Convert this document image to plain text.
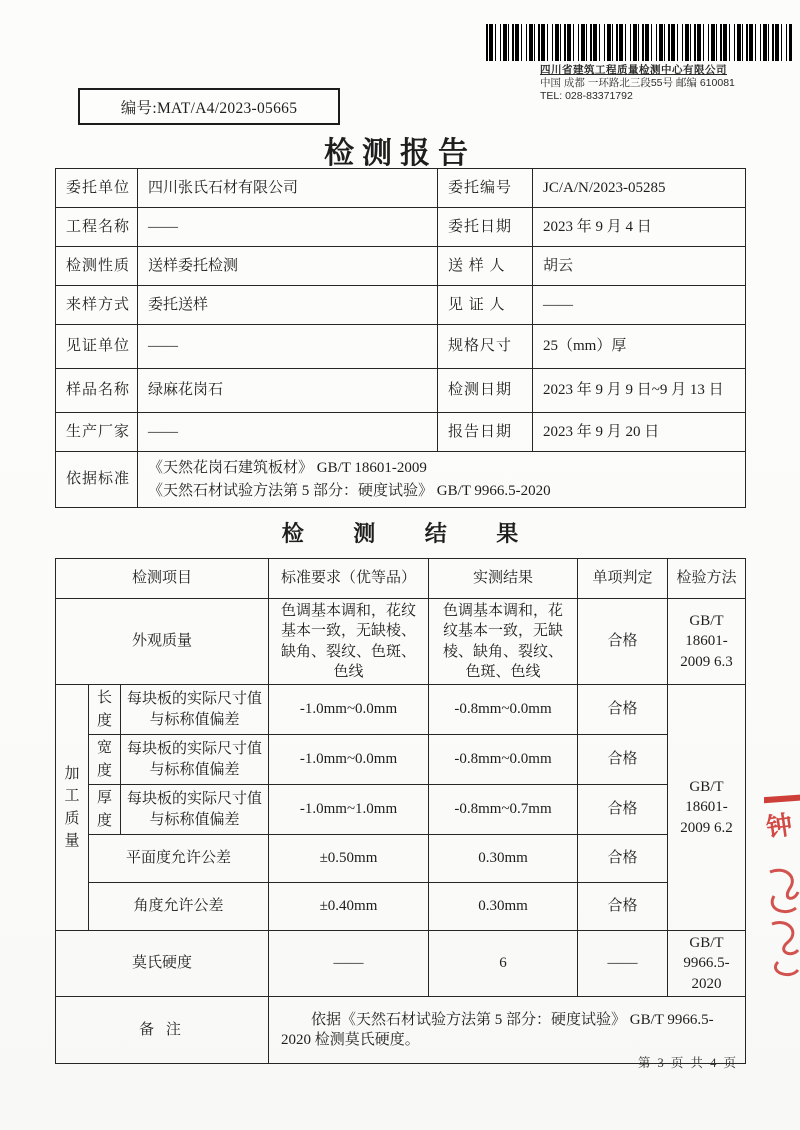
四川省建筑工程质量检测中心有限公司
中国 成都 一环路北三段55号 邮编 610081
TEL: 028-83371792
编号:MAT/A4/2023-05665
检测报告
委托单位	四川张氏石材有限公司	委托编号	JC/A/N/2023-05285
工程名称	——	委托日期	2023 年 9 月 4 日
检测性质	送样委托检测	送 样 人	胡云
来样方式	委托送样	见 证 人	——
见证单位	——	规格尺寸	25（mm）厚
样品名称	绿麻花岗石	检测日期	2023 年 9 月 9 日~9 月 13 日
生产厂家	——	报告日期	2023 年 9 月 20 日
依据标准	《天然花岗石建筑板材》 GB/T 18601-2009
《天然石材试验方法第 5 部分：硬度试验》 GB/T 9966.5-2020		
检 测 结 果
检测项目			标准要求（优等品）	实测结果	单项判定	检验方法
外观质量			色调基本调和，花纹基本一致，无缺棱、缺角、裂纹、色斑、色线	色调基本调和，花纹基本一致，无缺棱、缺角、裂纹、色斑、色线	合格	GB/T 18601-2009 6.3
加工质量	长度	每块板的实际尺寸值与标称值偏差	-1.0mm~0.0mm	-0.8mm~0.0mm	合格	GB/T 18601-2009 6.2
	宽度	每块板的实际尺寸值与标称值偏差	-1.0mm~0.0mm	-0.8mm~0.0mm	合格	
	厚度	每块板的实际尺寸值与标称值偏差	-1.0mm~1.0mm	-0.8mm~0.7mm	合格	
	平面度允许公差		±0.50mm	0.30mm	合格	
	角度允许公差		±0.40mm	0.30mm	合格	
莫氏硬度			——	6	——	GB/T 9966.5-2020
备 注			依据《天然石材试验方法第 5 部分：硬度试验》 GB/T 9966.5-2020 检测莫氏硬度。			
第 3 页 共 4 页
钟
